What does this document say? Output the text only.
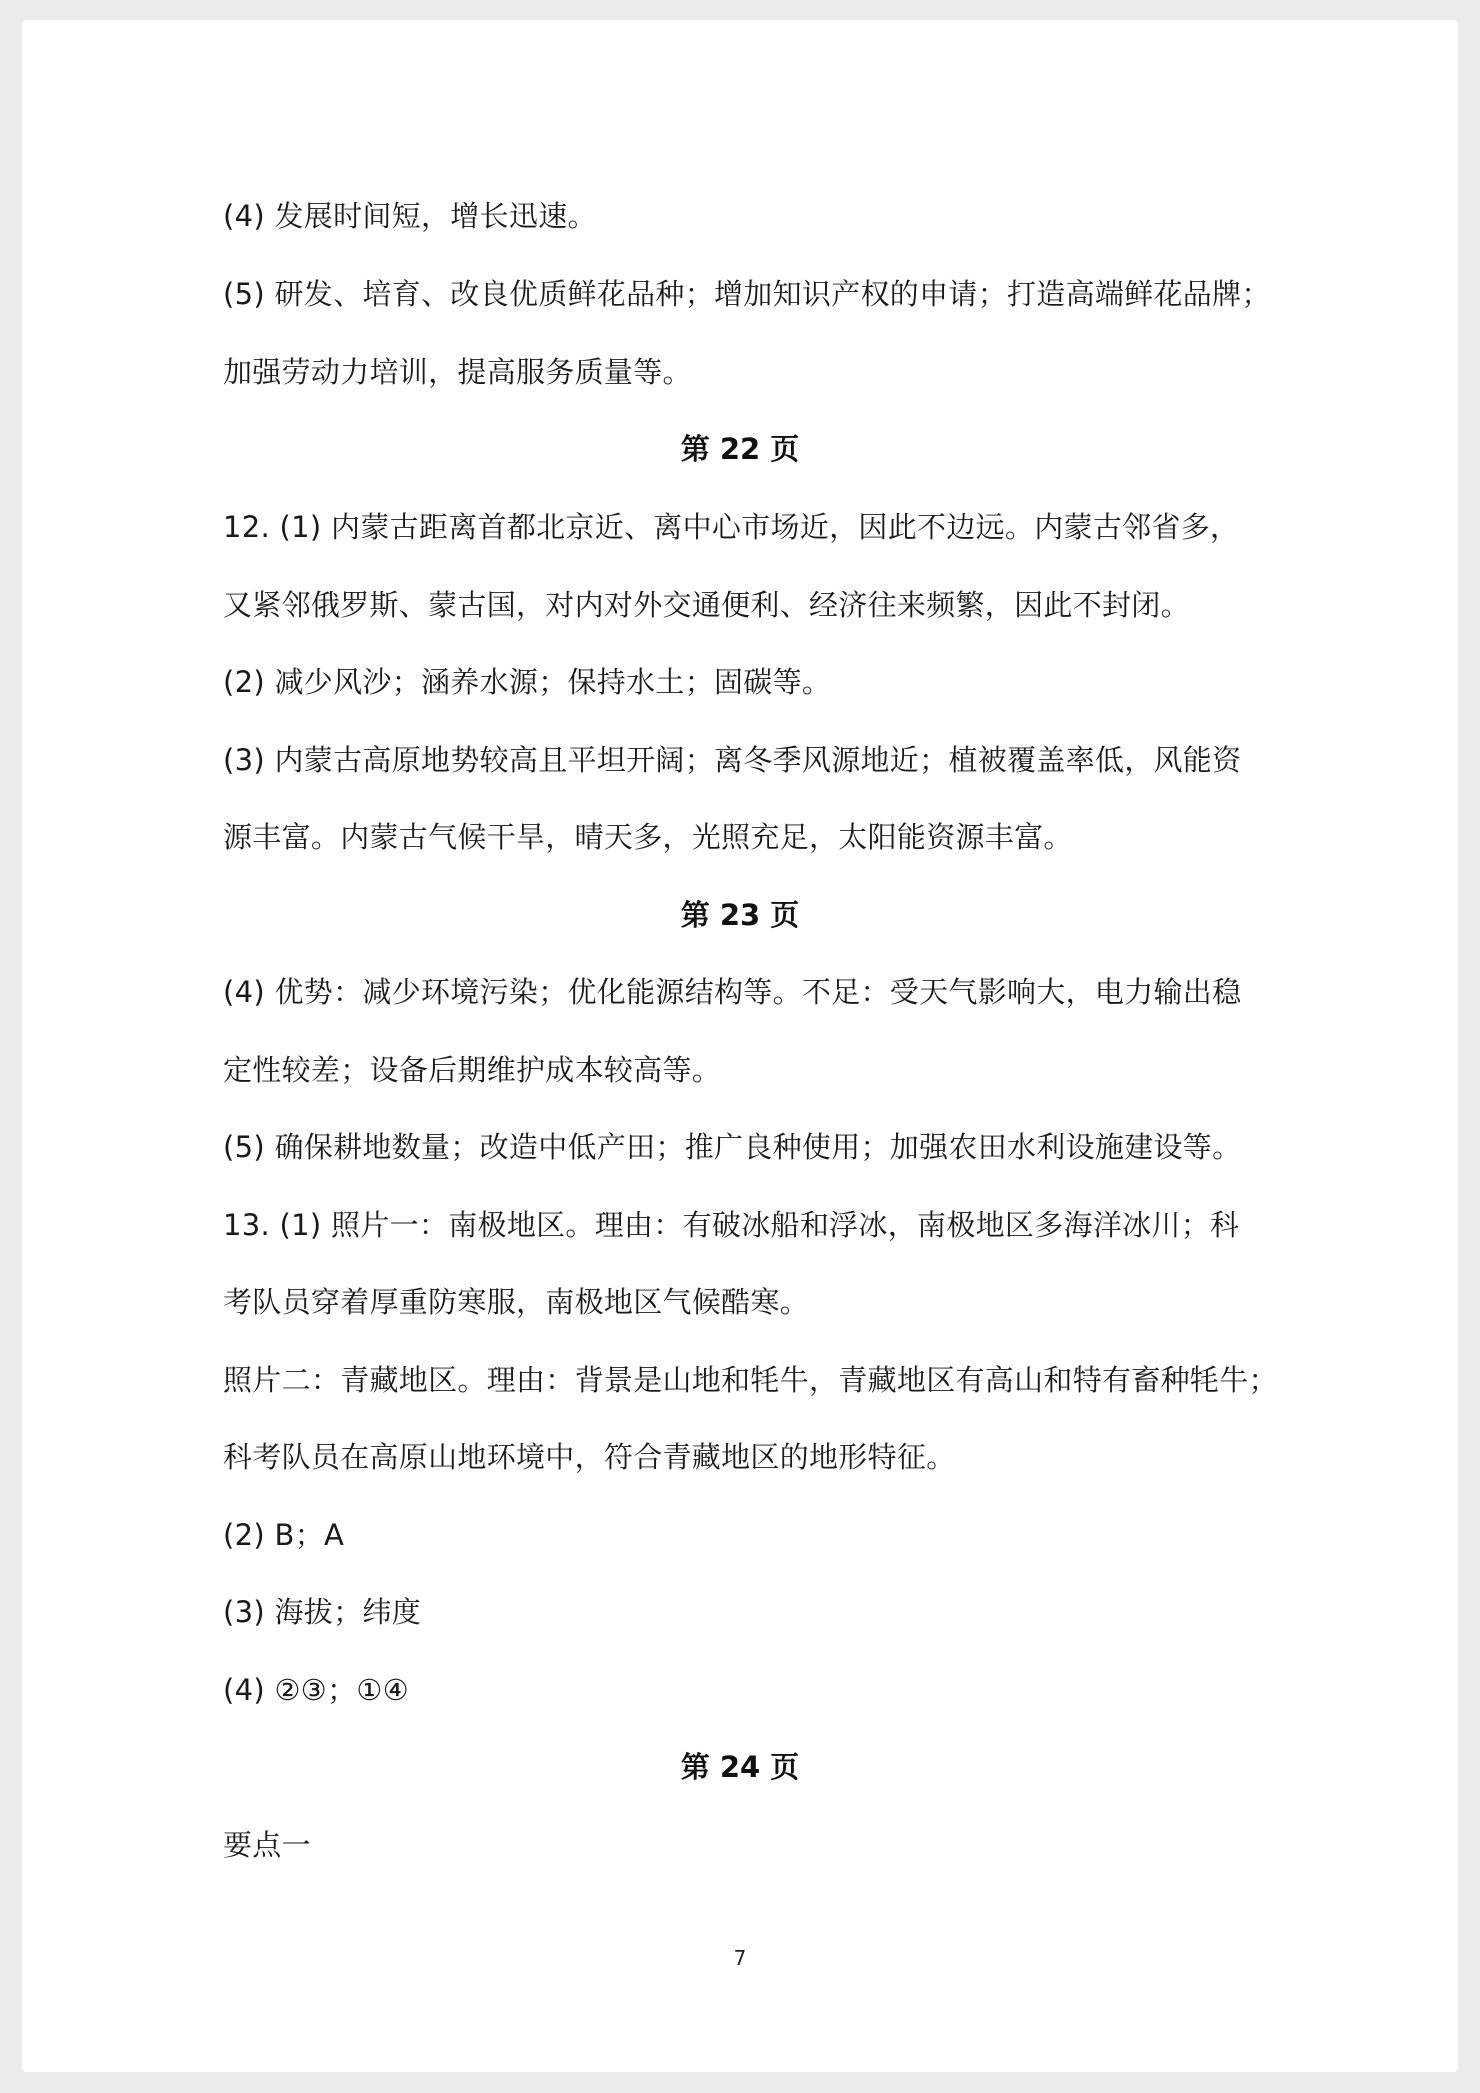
(4) 发展时间短，增长迅速。
(5) 研发、培育、改良优质鲜花品种；增加知识产权的申请；打造高端鲜花品牌；
加强劳动力培训，提高服务质量等。
第 22 页
12. (1) 内蒙古距离首都北京近、离中心市场近，因此不边远。内蒙古邻省多，
又紧邻俄罗斯、蒙古国，对内对外交通便利、经济往来频繁，因此不封闭。
(2) 减少风沙；涵养水源；保持水土；固碳等。
(3) 内蒙古高原地势较高且平坦开阔；离冬季风源地近；植被覆盖率低，风能资
源丰富。内蒙古气候干旱，晴天多，光照充足，太阳能资源丰富。
第 23 页
(4) 优势：减少环境污染；优化能源结构等。不足：受天气影响大，电力输出稳
定性较差；设备后期维护成本较高等。
(5) 确保耕地数量；改造中低产田；推广良种使用；加强农田水利设施建设等。
13. (1) 照片一：南极地区。理由：有破冰船和浮冰，南极地区多海洋冰川；科
考队员穿着厚重防寒服，南极地区气候酷寒。
照片二：青藏地区。理由：背景是山地和牦牛，青藏地区有高山和特有畜种牦牛；
科考队员在高原山地环境中，符合青藏地区的地形特征。
(2) B；A
(3) 海拔；纬度
(4) ②③；①④
第 24 页
要点一
7
